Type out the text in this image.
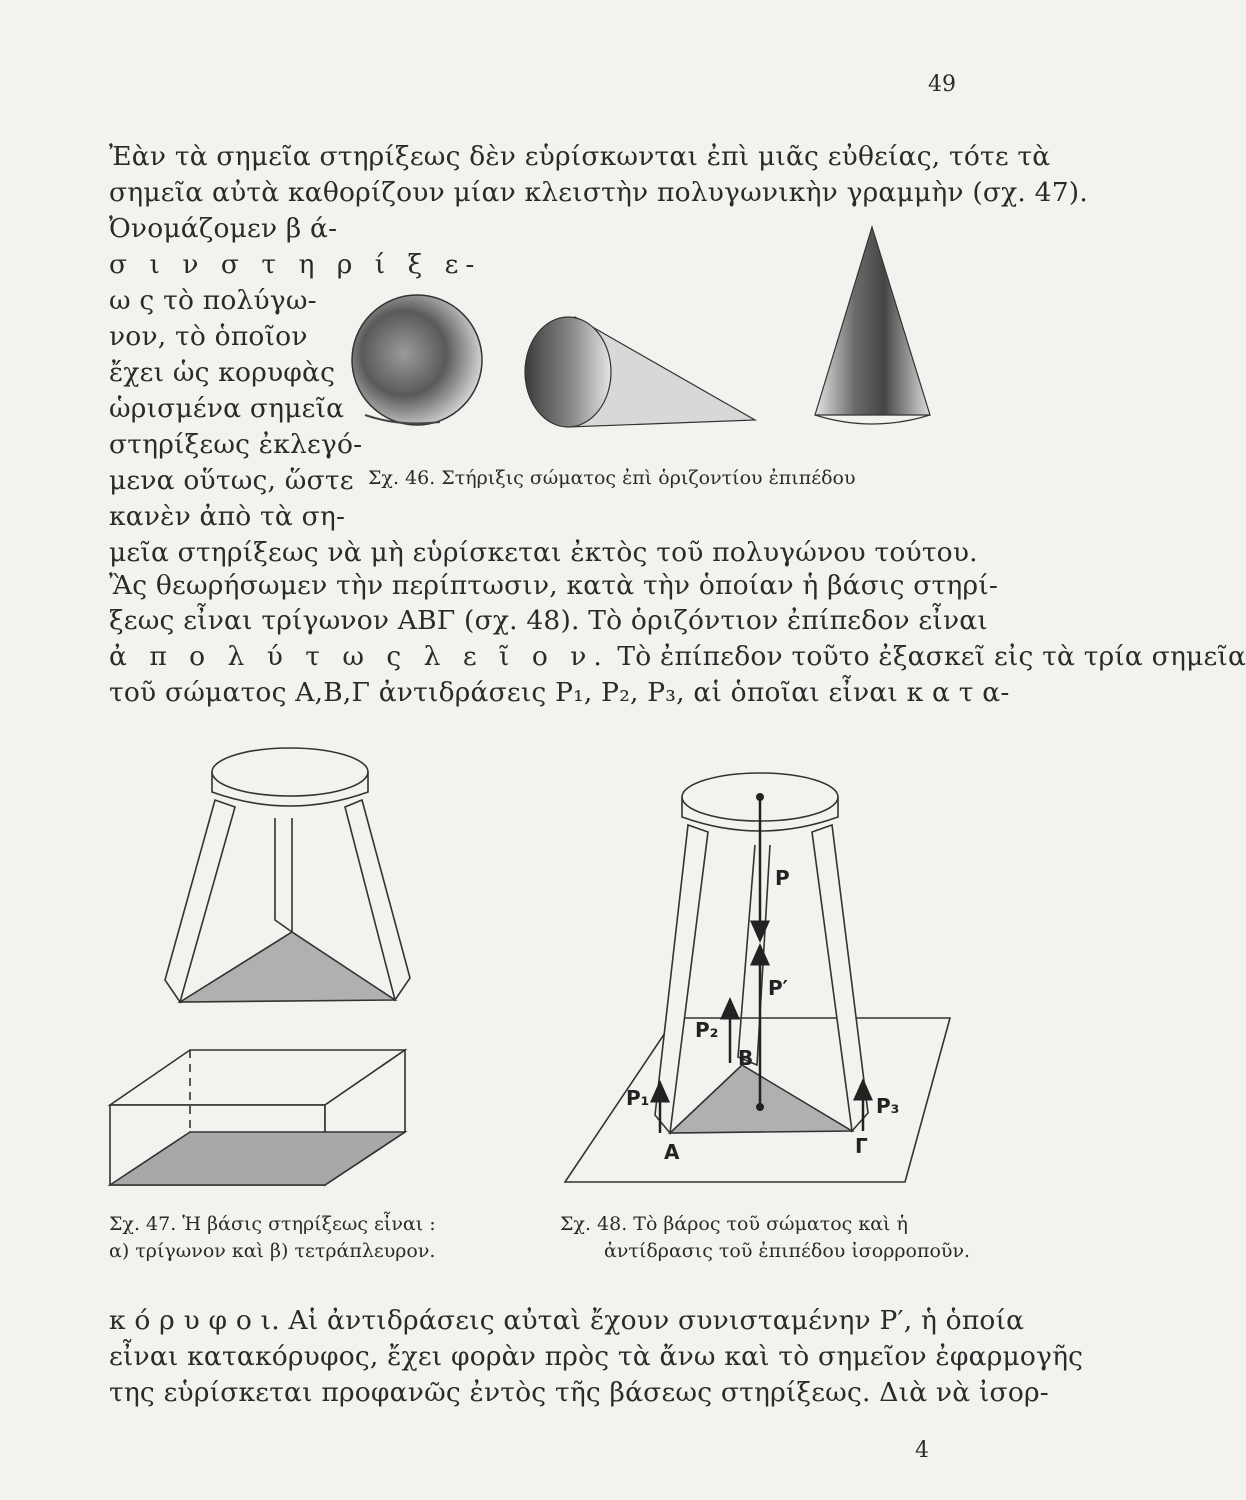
49
Ἐὰν τὰ σημεῖα στηρίξεως δὲν εὑρίσκωνται ἐπὶ μιᾶς εὐθείας, τότε τὰ
σημεῖα αὐτὰ καθορίζουν μίαν κλειστὴν πολυγωνικὴν γραμμὴν (σχ. 47).
Ὀνομάζομεν β ά-
σ ι ν σ τ η ρ ί ξ ε-
ω ς τὸ πολύγω-
νον, τὸ ὁποῖον
ἔχει ὡς κορυφὰς
ὡρισμένα σημεῖα
στηρίξεως ἐκλεγό-
μενα οὕτως, ὥστε
κανὲν ἀπὸ τὰ ση-
μεῖα στηρίξεως νὰ μὴ εὑρίσκεται ἐκτὸς τοῦ πολυγώνου τούτου.
Σχ. 46. Στήριξις σώματος ἐπὶ ὁριζοντίου ἐπιπέδου
Ἂς θεωρήσωμεν τὴν περίπτωσιν, κατὰ τὴν ὁποίαν ἡ βάσις στηρί-
ξεως εἶναι τρίγωνον ΑΒΓ (σχ. 48). Τὸ ὁριζόντιον ἐπίπεδον εἶναι
ἀ π ο λ ύ τ ω ς λ ε ῖ ο ν. Τὸ ἐπίπεδον τοῦτο ἐξασκεῖ εἰς τὰ τρία σημεῖα
τοῦ σώματος Α,Β,Γ ἀντιδράσεις P₁, P₂, P₃, αἱ ὁποῖαι εἶναι κ α τ α-
Σχ. 47. Ἡ βάσις στηρίξεως εἶναι :
α) τρίγωνον καὶ β) τετράπλευρον.
P
P′
P₂
B
P₁	P₃
A	Γ
Σχ. 48. Τὸ βάρος τοῦ σώματος καὶ ἡ
ἀντίδρασις τοῦ ἐπιπέδου ἰσορροποῦν.
κ ό ρ υ φ ο ι. Αἱ ἀντιδράσεις αὐταὶ ἔχουν συνισταμένην P′, ἡ ὁποία
εἶναι κατακόρυφος, ἔχει φορὰν πρὸς τὰ ἄνω καὶ τὸ σημεῖον ἐφαρμογῆς
της εὑρίσκεται προφανῶς ἐντὸς τῆς βάσεως στηρίξεως. Διὰ νὰ ἰσορ-
4
